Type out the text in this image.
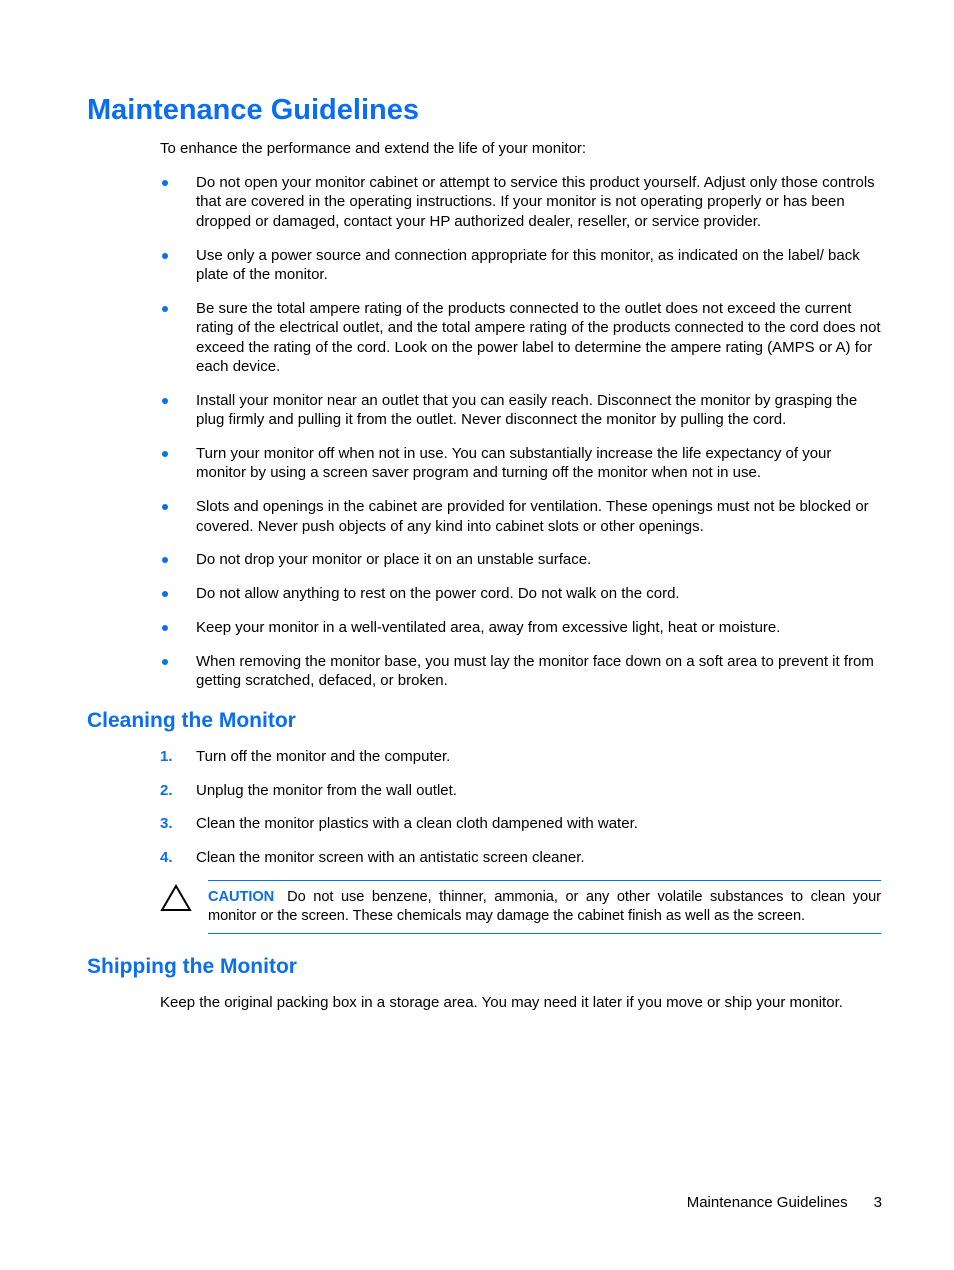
Maintenance Guidelines

To enhance the performance and extend the life of your monitor:

Do not open your monitor cabinet or attempt to service this product yourself. Adjust only those controls that are covered in the operating instructions. If your monitor is not operating properly or has been dropped or damaged, contact your HP authorized dealer, reseller, or service provider.
Use only a power source and connection appropriate for this monitor, as indicated on the label/ back plate of the monitor.
Be sure the total ampere rating of the products connected to the outlet does not exceed the current rating of the electrical outlet, and the total ampere rating of the products connected to the cord does not exceed the rating of the cord. Look on the power label to determine the ampere rating (AMPS or A) for each device.
Install your monitor near an outlet that you can easily reach. Disconnect the monitor by grasping the plug firmly and pulling it from the outlet. Never disconnect the monitor by pulling the cord.
Turn your monitor off when not in use. You can substantially increase the life expectancy of your monitor by using a screen saver program and turning off the monitor when not in use.
Slots and openings in the cabinet are provided for ventilation. These openings must not be blocked or covered. Never push objects of any kind into cabinet slots or other openings.
Do not drop your monitor or place it on an unstable surface.
Do not allow anything to rest on the power cord. Do not walk on the cord.
Keep your monitor in a well-ventilated area, away from excessive light, heat or moisture.
When removing the monitor base, you must lay the monitor face down on a soft area to prevent it from getting scratched, defaced, or broken.
Cleaning the Monitor
1. Turn off the monitor and the computer.
2. Unplug the monitor from the wall outlet.
3. Clean the monitor plastics with a clean cloth dampened with water.
4. Clean the monitor screen with an antistatic screen cleaner.
CAUTION Do not use benzene, thinner, ammonia, or any other volatile substances to clean your monitor or the screen. These chemicals may damage the cabinet finish as well as the screen.
Shipping the Monitor

Keep the original packing box in a storage area. You may need it later if you move or ship your monitor.

Maintenance Guidelines 3
